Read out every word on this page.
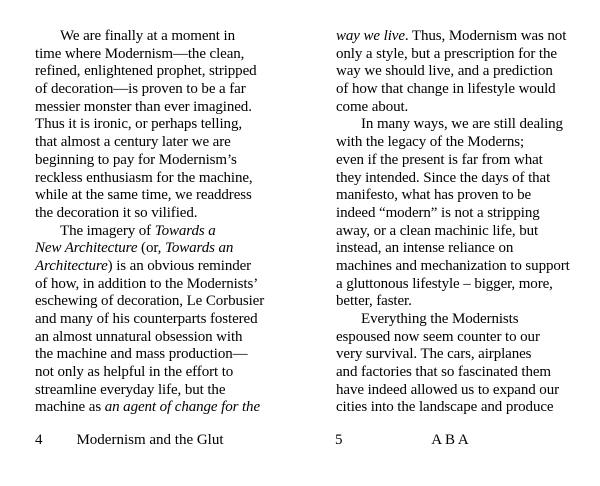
We are finally at a moment in
time where Modernism—the clean,
refined, enlightened prophet, stripped
of decoration—is proven to be a far
messier monster than ever imagined.
Thus it is ironic, or perhaps telling,
that almost a century later we are
beginning to pay for Modernism’s
reckless enthusiasm for the machine,
while at the same time, we readdress
the decoration it so vilified.
The imagery of Towards a
New Architecture (or, Towards an
Architecture) is an obvious reminder
of how, in addition to the Modernists’
eschewing of decoration, Le Corbusier
and many of his counterparts fostered
an almost unnatural obsession with
the machine and mass production—
not only as helpful in the effort to
streamline everyday life, but the
machine as an agent of change for the
4	Modernism and the Glut
way we live. Thus, Modernism was not
only a style, but a prescription for the
way we should live, and a prediction
of how that change in lifestyle would
come about.
In many ways, we are still dealing
with the legacy of the Moderns;
even if the present is far from what
they intended. Since the days of that
manifesto, what has proven to be
indeed “modern” is not a stripping
away, or a clean machinic life, but
instead, an intense reliance on
machines and mechanization to support
a gluttonous lifestyle – bigger, more,
better, faster.
Everything the Modernists
espoused now seem counter to our
very survival. The cars, airplanes
and factories that so fascinated them
have indeed allowed us to expand our
cities into the landscape and produce
5	A B A
